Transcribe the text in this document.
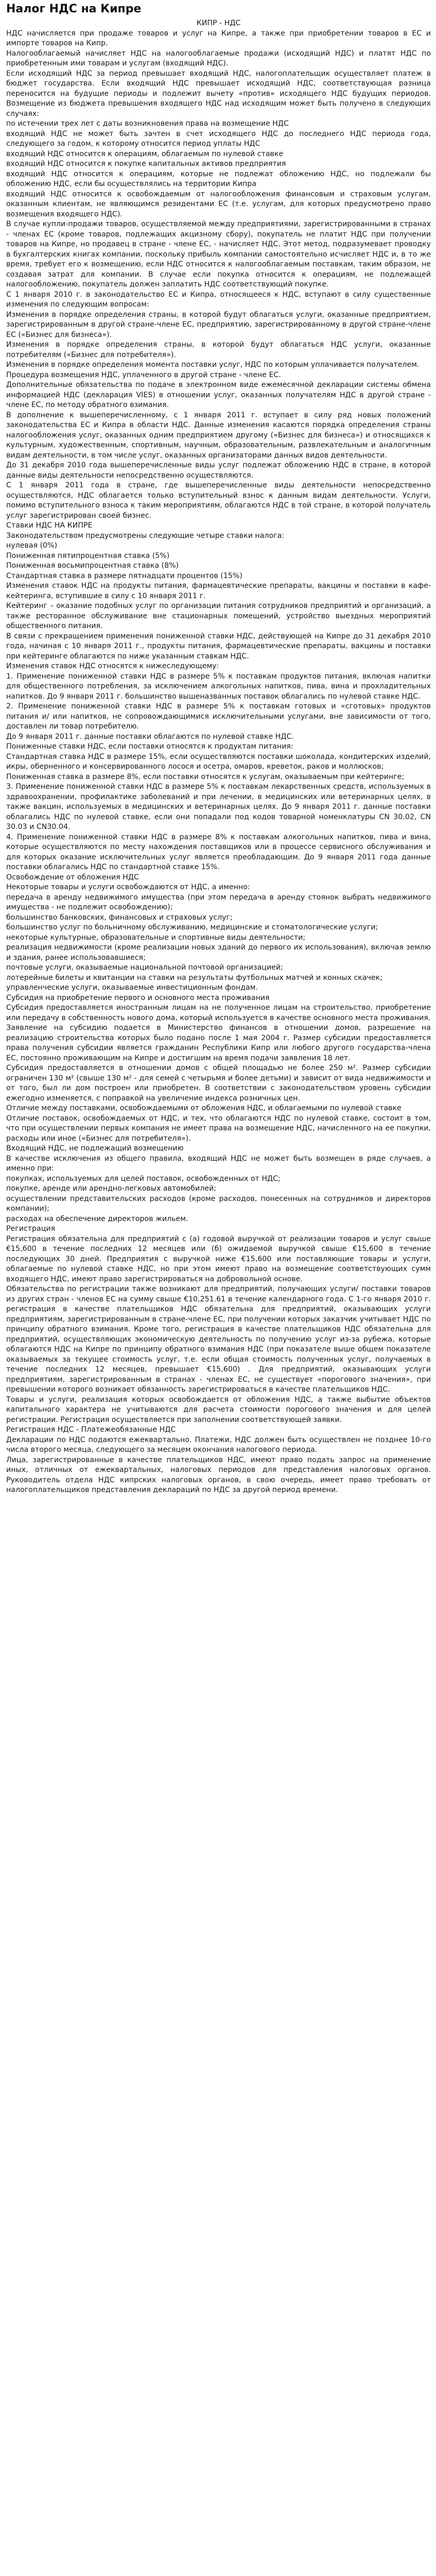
Налог НДС на Кипре

КИПР - НДС

НДС начисляется при продаже товаров и услуг на Кипре, а также при приобретении товаров в ЕС и импорте товаров на Кипр.

Налогооблагаемый начисляет НДС на налогооблагаемые продажи (исходящий НДС) и платят НДС по приобретенным ими товарам и услугам (входящий НДС).

Если исходящий НДС за период превышает входящий НДС, налогоплательщик осуществляет платеж в бюджет государства. Если входящий НДС превышает исходящий НДС, соответствующая разница переносится на будущие периоды и подлежит вычету «против» исходящего НДС будущих периодов. Возмещение из бюджета превышения входящего НДС над исходящим может быть получено в следующих случаях:

по истечении трех лет с даты возникновения права на возмещение НДС

входящий НДС не может быть зачтен в счет исходящего НДС до последнего НДС периода года, следующего за годом, к которому относится период уплаты НДС

входящий НДС относится к операциям, облагаемым по нулевой ставке

входящий НДС относится к покупке капитальных активов предприятия

входящий НДС относится к операциям, которые не подлежат обложению НДС, но подлежали бы обложению НДС, если бы осуществлялись на территории Кипра

входящий НДС относится к освобождаемым от налогообложения финансовым и страховым услугам, оказанным клиентам, не являющимся резидентами ЕС (т.е. услугам, для которых предусмотрено право возмещения входящего НДС).

В случае купли-продажи товаров, осуществляемой между предприятиями, зарегистрированными в странах - членах ЕС (кроме товаров, подлежащих акцизному сбору), покупатель не платит НДС при получении товаров на Кипре, но продавец в стране - члене ЕС, - начисляет НДС. Этот метод, подразумевает проводку в бухгалтерских книгах компании, поскольку прибыль компании самостоятельно исчисляет НДС и, в то же время, требует его к возмещению, если НДС относится к налогооблагаемым поставкам, таким образом, не создавая затрат для компании. В случае если покупка относится к операциям, не подлежащей налогообложению, покупатель должен заплатить НДС соответствующий покупке.

С 1 января 2010 г. в законодательство ЕС и Кипра, относящееся к НДС, вступают в силу существенные изменения по следующим вопросам:

Изменения в порядке определения страны, в которой будут облагаться услуги, оказанные предприятием, зарегистрированным в другой стране-члене ЕС, предприятию, зарегистрированному в другой стране-члене ЕС («Бизнес для бизнеса»).

Изменения в порядке определения страны, в которой будут облагаться НДС услуги, оказанные потребителям («Бизнес для потребителя»).

Изменения в порядке определения момента поставки услуг, НДС по которым уплачивается получателем.

Процедура возмещения НДС, уплаченного в другой стране - члене ЕС.

Дополнительные обязательства по подаче в электронном виде ежемесячной декларации системы обмена информацией НДС (декларация VIES) в отношении услуг, оказанных получателям НДС в другой стране - члене ЕС, по методу обратного взимания.

В дополнение к вышеперечисленному, с 1 января 2011 г. вступает в силу ряд новых положений законодательства ЕС и Кипра в области НДС. Данные изменения касаются порядка определения страны налогообложения услуг, оказанных одним предприятием другому («Бизнес для бизнеса») и относящихся к культурным, художественным, спортивным, научным, образовательным, развлекательным и аналогичным видам деятельности, в том числе услуг, оказанных организаторами данных видов деятельности.

До 31 декабря 2010 года вышеперечисленные виды услуг подлежат обложению НДС в стране, в которой данные виды деятельности непосредственно осуществляются.

С 1 января 2011 года в стране, где вышеперечисленные виды деятельности непосредственно осуществляются, НДС облагается только вступительный взнос к данным видам деятельности. Услуги, помимо вступительного взноса к таким мероприятиям, облагаются НДС в той стране, в которой получатель услуг зарегистрирован своей бизнес.

Ставки НДС НА КИПРЕ

Законодательством предусмотрены следующие четыре ставки налога:

нулевая (0%)

Пониженная пятипроцентная ставка (5%)

Пониженная восьмипроцентная ставка (8%)

Стандартная ставка в размере пятнадцати процентов (15%)

Изменения ставок НДС на продукты питания, фармацевтические препараты, вакцины и поставки в кафе-кейтеринга, вступившие в силу с 10 января 2011 г.

Кейтеринг – оказание подобных услуг по организации питания сотрудников предприятий и организаций, а также ресторанное обслуживание вне стационарных помещений, устройство выездных мероприятий общественного питания.

В связи с прекращением применения пониженной ставки НДС, действующей на Кипре до 31 декабря 2010 года, начиная с 10 января 2011 г., продукты питания, фармацевтические препараты, вакцины и поставки при кейтеринге облагаются по ниже указанным ставкам НДС.

Изменения ставок НДС относятся к нижеследующему:

1. Применение пониженной ставки НДС в размере 5% к поставкам продуктов питания, включая напитки для общественного потребления, за исключением алкогольных напитков, пива, вина и прохладительных напитков. До 9 января 2011 г. большинство вышеназванных поставок облагались по нулевой ставке НДС.

2. Применение пониженной ставки НДС в размере 5% к поставкам готовых и «сготовых» продуктов питания и/ или напитков, не сопровождающимися исключительными услугами, вне зависимости от того, доставлен ли товар потребителю.

До 9 января 2011 г. данные поставки облагаются по нулевой ставке НДС.

Пониженные ставки НДС, если поставки относятся к продуктам питания:

Стандартная ставка НДС в размере 15%, если осуществляются поставки шоколада, кондитерских изделий, икры, оберненного и консервированного лосося и осетра, омаров, креветок, раков и моллюсков;

Пониженная ставка в размере 8%, если поставки относятся к услугам, оказываемым при кейтеринге;

3. Применение пониженной ставки НДС в размере 5% к поставкам лекарственных средств, используемых в здравоохранении, профилактике заболеваний и при лечении, в медицинских или ветеринарных целях, в также вакцин, используемых в медицинских и ветеринарных целях. До 9 января 2011 г. данные поставки облагались НДС по нулевой ставке, если они попадали под кодов товарной номенклатуры CN 30.02, CN 30.03 и CN30.04.

4. Применение пониженной ставки НДС в размере 8% к поставкам алкогольных напитков, пива и вина, которые осуществляются по месту нахождения поставщиков или в процессе сервисного обслуживания и для которых оказание исключительных услуг является преобладающим. До 9 января 2011 года данные поставки облагались НДС по стандартной ставке 15%.

Освобождение от обложения НДС

Некоторые товары и услуги освобождаются от НДС, а именно:

передача в аренду недвижимого имущества (при этом передача в аренду стоянок выбрать недвижимого имущества - не подлежит освобождению);

большинство банковских, финансовых и страховых услуг;

большинство услуг по больничному обслуживанию, медицинские и стоматологические услуги;

некоторые культурные, образовательные и спортивные виды деятельности;

реализация недвижимости (кроме реализации новых зданий до первого их использования), включая землю и здания, ранее использовавшиеся;

почтовые услуги, оказываемые национальной почтовой организацией;

лотерейные билеты и квитанции на ставки на результаты футбольных матчей и конных скачек;

управленческие услуги, оказываемые инвестиционным фондам.

Субсидия на приобретение первого и основного места проживания

Субсидия предоставляется иностранным лицам на не полученное лицам на строительство, приобретение или передачу в собственность нового дома, который используется в качестве основного места проживания.

Заявление на субсидию подается в Министерство финансов в отношении домов, разрешение на реализацию строительства которых было подано после 1 мая 2004 г. Размер субсидии предоставляется права получения субсидии является гражданин Республики Кипр или любого другого государства-члена ЕС, постоянно проживающим на Кипре и достигшим на время подачи заявления 18 лет.

Субсидия предоставляется в отношении домов с общей площадью не более 250 м². Размер субсидии ограничен 130 м² (свыше 130 м² - для семей с четырьмя и более детьми) и зависит от вида недвижимости и от того, был ли дом построен или приобретен. В соответствии с законодательством уровень субсидии ежегодно изменяется, с поправкой на увеличение индекса розничных цен.

Отличие между поставками, освобождаемыми от обложения НДС, и облагаемыми по нулевой ставке

Отличие поставок, освобождаемых от НДС, и тех, что облагаются НДС по нулевой ставке, состоит в том, что при осуществлении первых компания не имеет права на возмещение НДС, начисленного на ее покупки, расходы или иное («Бизнес для потребителя»).

Входящий НДС, не подлежащий возмещению

В качестве исключения из общего правила, входящий НДС не может быть возмещен в ряде случаев, а именно при:

покупках, используемых для целей поставок, освобожденных от НДС;

покупке, аренде или арендно-легковых автомобилей;

осуществлении представительских расходов (кроме расходов, понесенных на сотрудников и директоров компании);

расходах на обеспечение директоров жильем.

Регистрация

Регистрация обязательна для предприятий с (а) годовой выручкой от реализации товаров и услуг свыше €15,600 в течение последних 12 месяцев или (б) ожидаемой выручкой свыше €15,600 в течение последующих 30 дней. Предприятия с выручкой ниже €15,600 или поставляющие товары и услуги, облагаемые по нулевой ставке НДС, но при этом имеют право на возмещение соответствующих сумм входящего НДС, имеют право зарегистрироваться на добровольной основе.

Обязательства по регистрации также возникают для предприятий, получающих услуги/ поставки товаров из других стран - членов ЕС на сумму свыше €10,251.61 в течение календарного года. С 1-го января 2010 г. регистрация в качестве плательщиков НДС обязательна для предприятий, оказывающих услуги предприятиям, зарегистрированным в стране-члене ЕС, при получении которых заказчик учитывает НДС по принципу обратного взимания. Кроме того, регистрация в качестве плательщиков НДС обязательна для предприятий, осуществляющих экономическую деятельность по получению услуг из-за рубежа, которые облагаются НДС на Кипре по принципу обратного взимания НДС (при показателе выше общем показателе оказываемых за текущее стоимость услуг, т.е. если общая стоимость полученных услуг, получаемых в течение последних 12 месяцев, превышает €15,600) . Для предприятий, оказывающих услуги предприятиям, зарегистрированным в странах - членах ЕС, не существует «порогового значения», при превышении которого возникает обязанность зарегистрироваться в качестве плательщиков НДС.

Товары и услуги, реализация которых освобождается от обложения НДС, а также выбытие объектов капитального характера не учитываются для расчета стоимости порогового значения и для целей регистрации. Регистрация осуществляется при заполнении соответствующей заявки.

Регистрация НДС - Платежеобязанные НДС

Декларации по НДС подаются ежеквартально. Платежи, НДС должен быть осуществлен не позднее 10-го числа второго месяца, следующего за месяцем окончания налогового периода.

Лица, зарегистрированные в качестве плательщиков НДС, имеют право подать запрос на применение иных, отличных от ежеквартальных, налоговых периодов для представления налоговых органов. Руководитель отдела НДС кипрских налоговых органов, в свою очередь, имеет право требовать от налогоплательщиков представления деклараций по НДС за другой период времени.
